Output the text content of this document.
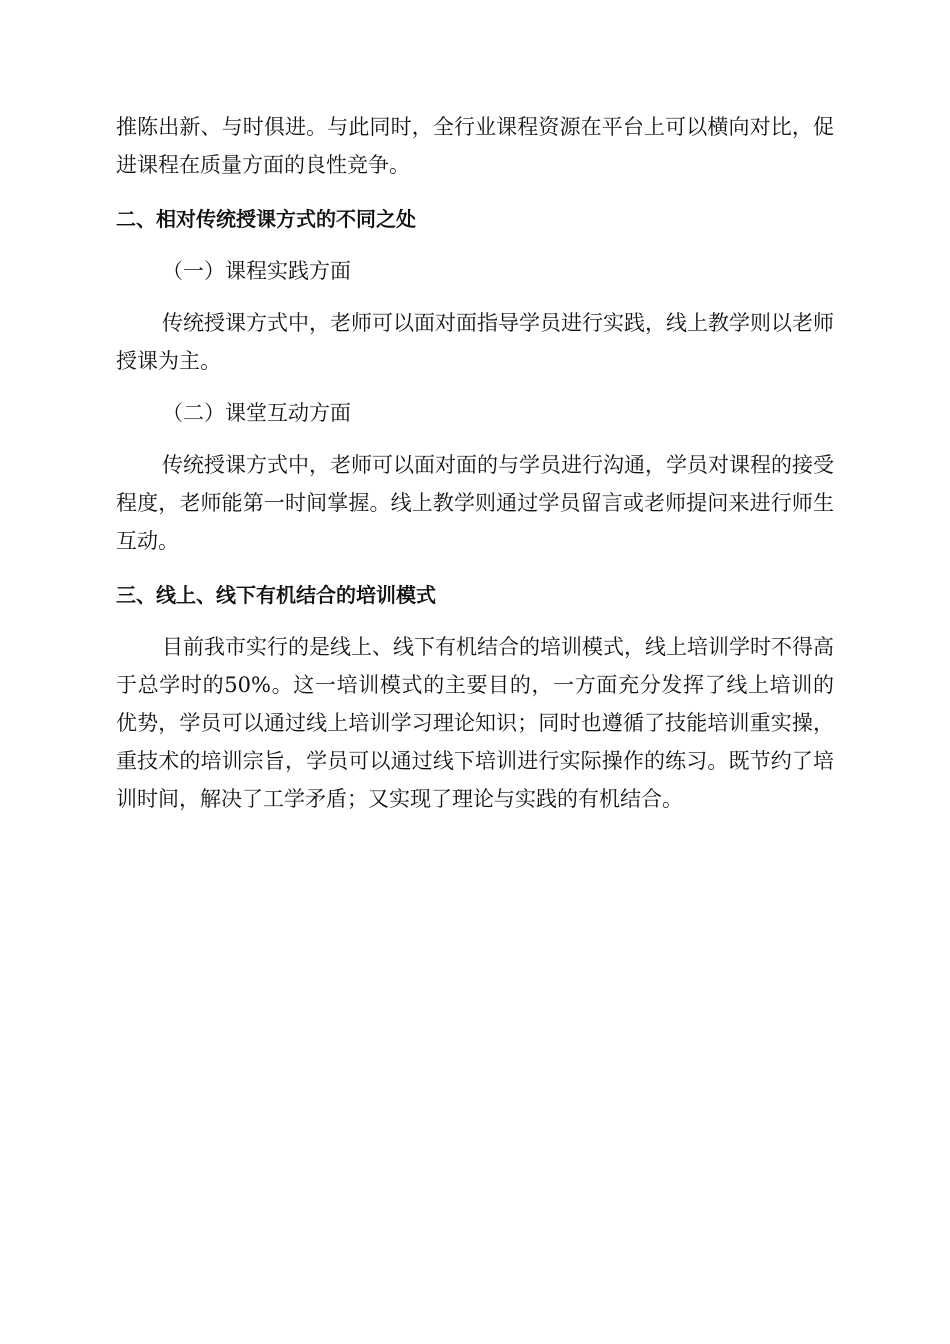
推陈出新、与时俱进。与此同时，全行业课程资源在平台上可以横向对比，促进课程在质量方面的良性竞争。

二、相对传统授课方式的不同之处

（一）课程实践方面

传统授课方式中，老师可以面对面指导学员进行实践，线上教学则以老师授课为主。

（二）课堂互动方面

传统授课方式中，老师可以面对面的与学员进行沟通，学员对课程的接受程度，老师能第一时间掌握。线上教学则通过学员留言或老师提问来进行师生互动。

三、线上、线下有机结合的培训模式

目前我市实行的是线上、线下有机结合的培训模式，线上培训学时不得高于总学时的50%。这一培训模式的主要目的，一方面充分发挥了线上培训的优势，学员可以通过线上培训学习理论知识；同时也遵循了技能培训重实操，重技术的培训宗旨，学员可以通过线下培训进行实际操作的练习。既节约了培训时间，解决了工学矛盾；又实现了理论与实践的有机结合。
